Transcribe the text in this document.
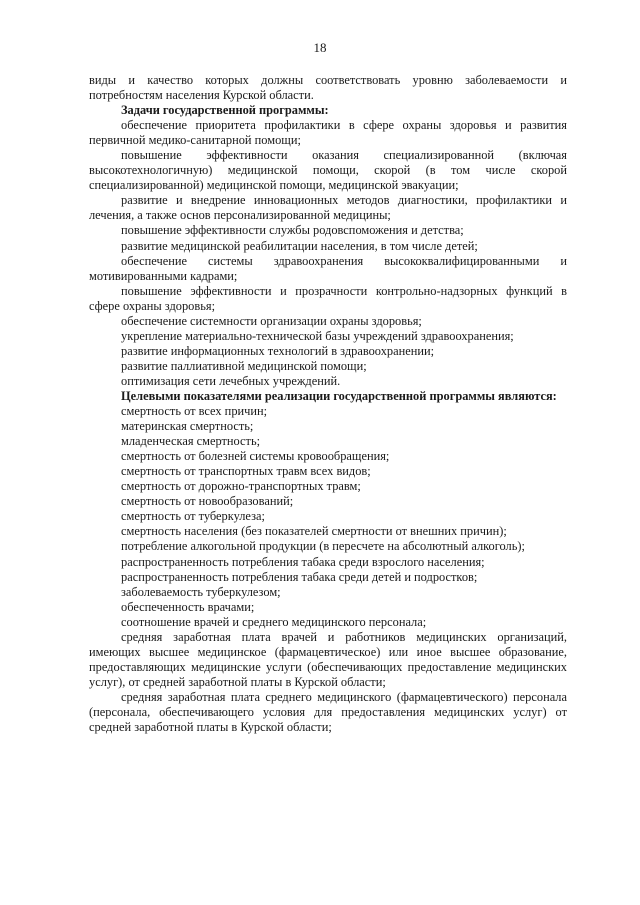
18

виды и качество которых должны соответствовать уровню заболеваемости и потребностям населения Курской области.

Задачи государственной программы:

обеспечение приоритета профилактики в сфере охраны здоровья и развития первичной медико-санитарной помощи;

повышение эффективности оказания специализированной (включая высокотехнологичную) медицинской помощи, скорой (в том числе скорой специализированной) медицинской помощи, медицинской эвакуации;

развитие и внедрение инновационных методов диагностики, профилактики и лечения, а также основ персонализированной медицины;

повышение эффективности службы родовспоможения и детства;

развитие медицинской реабилитации населения, в том числе детей;

обеспечение системы здравоохранения высококвалифицированными и мотивированными кадрами;

повышение эффективности и прозрачности контрольно-надзорных функций в сфере охраны здоровья;

обеспечение системности организации охраны здоровья;

укрепление материально-технической базы учреждений здравоохранения;

развитие информационных технологий в здравоохранении;

развитие паллиативной медицинской помощи;

оптимизация сети лечебных учреждений.

Целевыми показателями реализации государственной программы являются:

смертность от всех причин;

материнская смертность;

младенческая смертность;

смертность от болезней системы кровообращения;

смертность от транспортных травм всех видов;

смертность от дорожно-транспортных травм;

смертность от новообразований;

смертность от туберкулеза;

смертность населения (без показателей смертности от внешних причин);

потребление алкогольной продукции (в пересчете на абсолютный алкоголь);

распространенность потребления табака среди взрослого населения;

распространенность потребления табака среди детей и подростков;

заболеваемость туберкулезом;

обеспеченность врачами;

соотношение врачей и среднего медицинского персонала;

средняя заработная плата врачей и работников медицинских организаций, имеющих высшее медицинское (фармацевтическое) или иное высшее образование, предоставляющих медицинские услуги (обеспечивающих предоставление медицинских услуг), от средней заработной платы в Курской области;

средняя заработная плата среднего медицинского (фармацевтического) персонала (персонала, обеспечивающего условия для предоставления медицинских услуг) от средней заработной платы в Курской области;
